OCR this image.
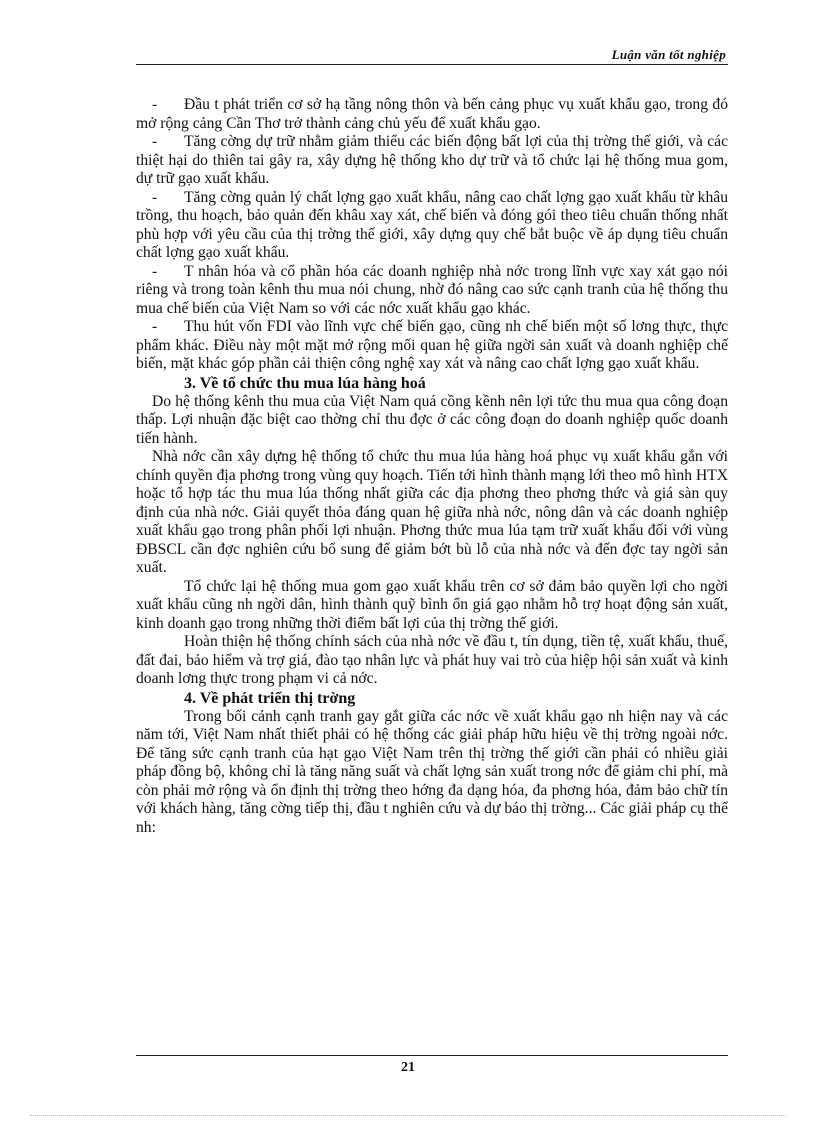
Luận văn tốt nghiệp

- Đầu t phát triển cơ sở hạ tầng nông thôn và bến cảng phục vụ xuất khẩu gạo, trong đó mở rộng cảng Cần Thơ trở thành cảng chủ yếu để xuất khẩu gạo.

- Tăng cờng dự trữ nhằm giảm thiểu các biến động bất lợi của thị trờng thế giới, và các thiệt hại do thiên tai gây ra, xây dựng hệ thống kho dự trữ và tổ chức lại hệ thống mua gom, dự trữ gạo xuất khẩu.

- Tăng cờng quản lý chất lợng gạo xuất khẩu, nâng cao chất lợng gạo xuất khẩu từ khâu trồng, thu hoạch, bảo quản đến khâu xay xát, chế biến và đóng gói theo tiêu chuẩn thống nhất phù hợp với yêu cầu của thị trờng thế giới, xây dựng quy chế bắt buộc về áp dụng tiêu chuẩn chất lợng gạo xuất khẩu.

- T nhân hóa và cổ phần hóa các doanh nghiệp nhà nớc trong lĩnh vực xay xát gạo nói riêng và trong toàn kênh thu mua nói chung, nhờ đó nâng cao sức cạnh tranh của hệ thống thu mua chế biến của Việt Nam so với các nớc xuất khẩu gạo khác.

- Thu hút vốn FDI vào lĩnh vực chế biến gạo, cũng nh chế biến một số lơng thực, thực phẩm khác. Điều này một mặt mở rộng mối quan hệ giữa ngời sản xuất và doanh nghiệp chế biến, mặt khác góp phần cải thiện công nghệ xay xát và nâng cao chất lợng gạo xuất khẩu.

3. Về tổ chức thu mua lúa hàng hoá

Do hệ thống kênh thu mua của Việt Nam quá cồng kềnh nên lợi tức thu mua qua công đoạn thấp. Lợi nhuận đặc biệt cao thờng chỉ thu đợc ở các công đoạn do doanh nghiệp quốc doanh tiến hành.

Nhà nớc cần xây dựng hệ thống tổ chức thu mua lúa hàng hoá phục vụ xuất khẩu gắn với chính quyền địa phơng trong vùng quy hoạch. Tiến tới hình thành mạng lới theo mô hình HTX hoặc tổ hợp tác thu mua lúa thống nhất giữa các địa phơng theo phơng thức và giá sàn quy định của nhà nớc. Giải quyết thỏa đáng quan hệ giữa nhà nớc, nông dân và các doanh nghiệp xuất khẩu gạo trong phân phối lợi nhuận. Phơng thức mua lúa tạm trữ xuất khẩu đối với vùng ĐBSCL cần đợc nghiên cứu bổ sung để giảm bớt bù lỗ của nhà nớc và đến đợc tay ngời sản xuất.

Tổ chức lại hệ thống mua gom gạo xuất khẩu trên cơ sở đảm bảo quyền lợi cho ngời xuất khẩu cũng nh ngời dân, hình thành quỹ bình ổn giá gạo nhằm hỗ trợ hoạt động sản xuất, kinh doanh gạo trong những thời điểm bất lợi của thị trờng thế giới.

Hoàn thiện hệ thống chính sách của nhà nớc về đầu t, tín dụng, tiền tệ, xuất khẩu, thuế, đất đai, bảo hiểm và trợ giá, đào tạo nhân lực và phát huy vai trò của hiệp hội sản xuất và kinh doanh lơng thực trong phạm vi cả nớc.

4. Về phát triển thị trờng

Trong bối cảnh cạnh tranh gay gắt giữa các nớc về xuất khẩu gạo nh hiện nay và các năm tới, Việt Nam nhất thiết phải có hệ thống các giải pháp hữu hiệu về thị trờng ngoài nớc. Để tăng sức cạnh tranh của hạt gạo Việt Nam trên thị trờng thế giới cần phải có nhiều giải pháp đồng bộ, không chỉ là tăng năng suất và chất lợng sản xuất trong nớc để giảm chi phí, mà còn phải mở rộng và ổn định thị trờng theo hớng đa dạng hóa, đa phơng hóa, đảm bảo chữ tín với khách hàng, tăng cờng tiếp thị, đầu t nghiên cứu và dự báo thị trờng... Các giải pháp cụ thể nh:

21
